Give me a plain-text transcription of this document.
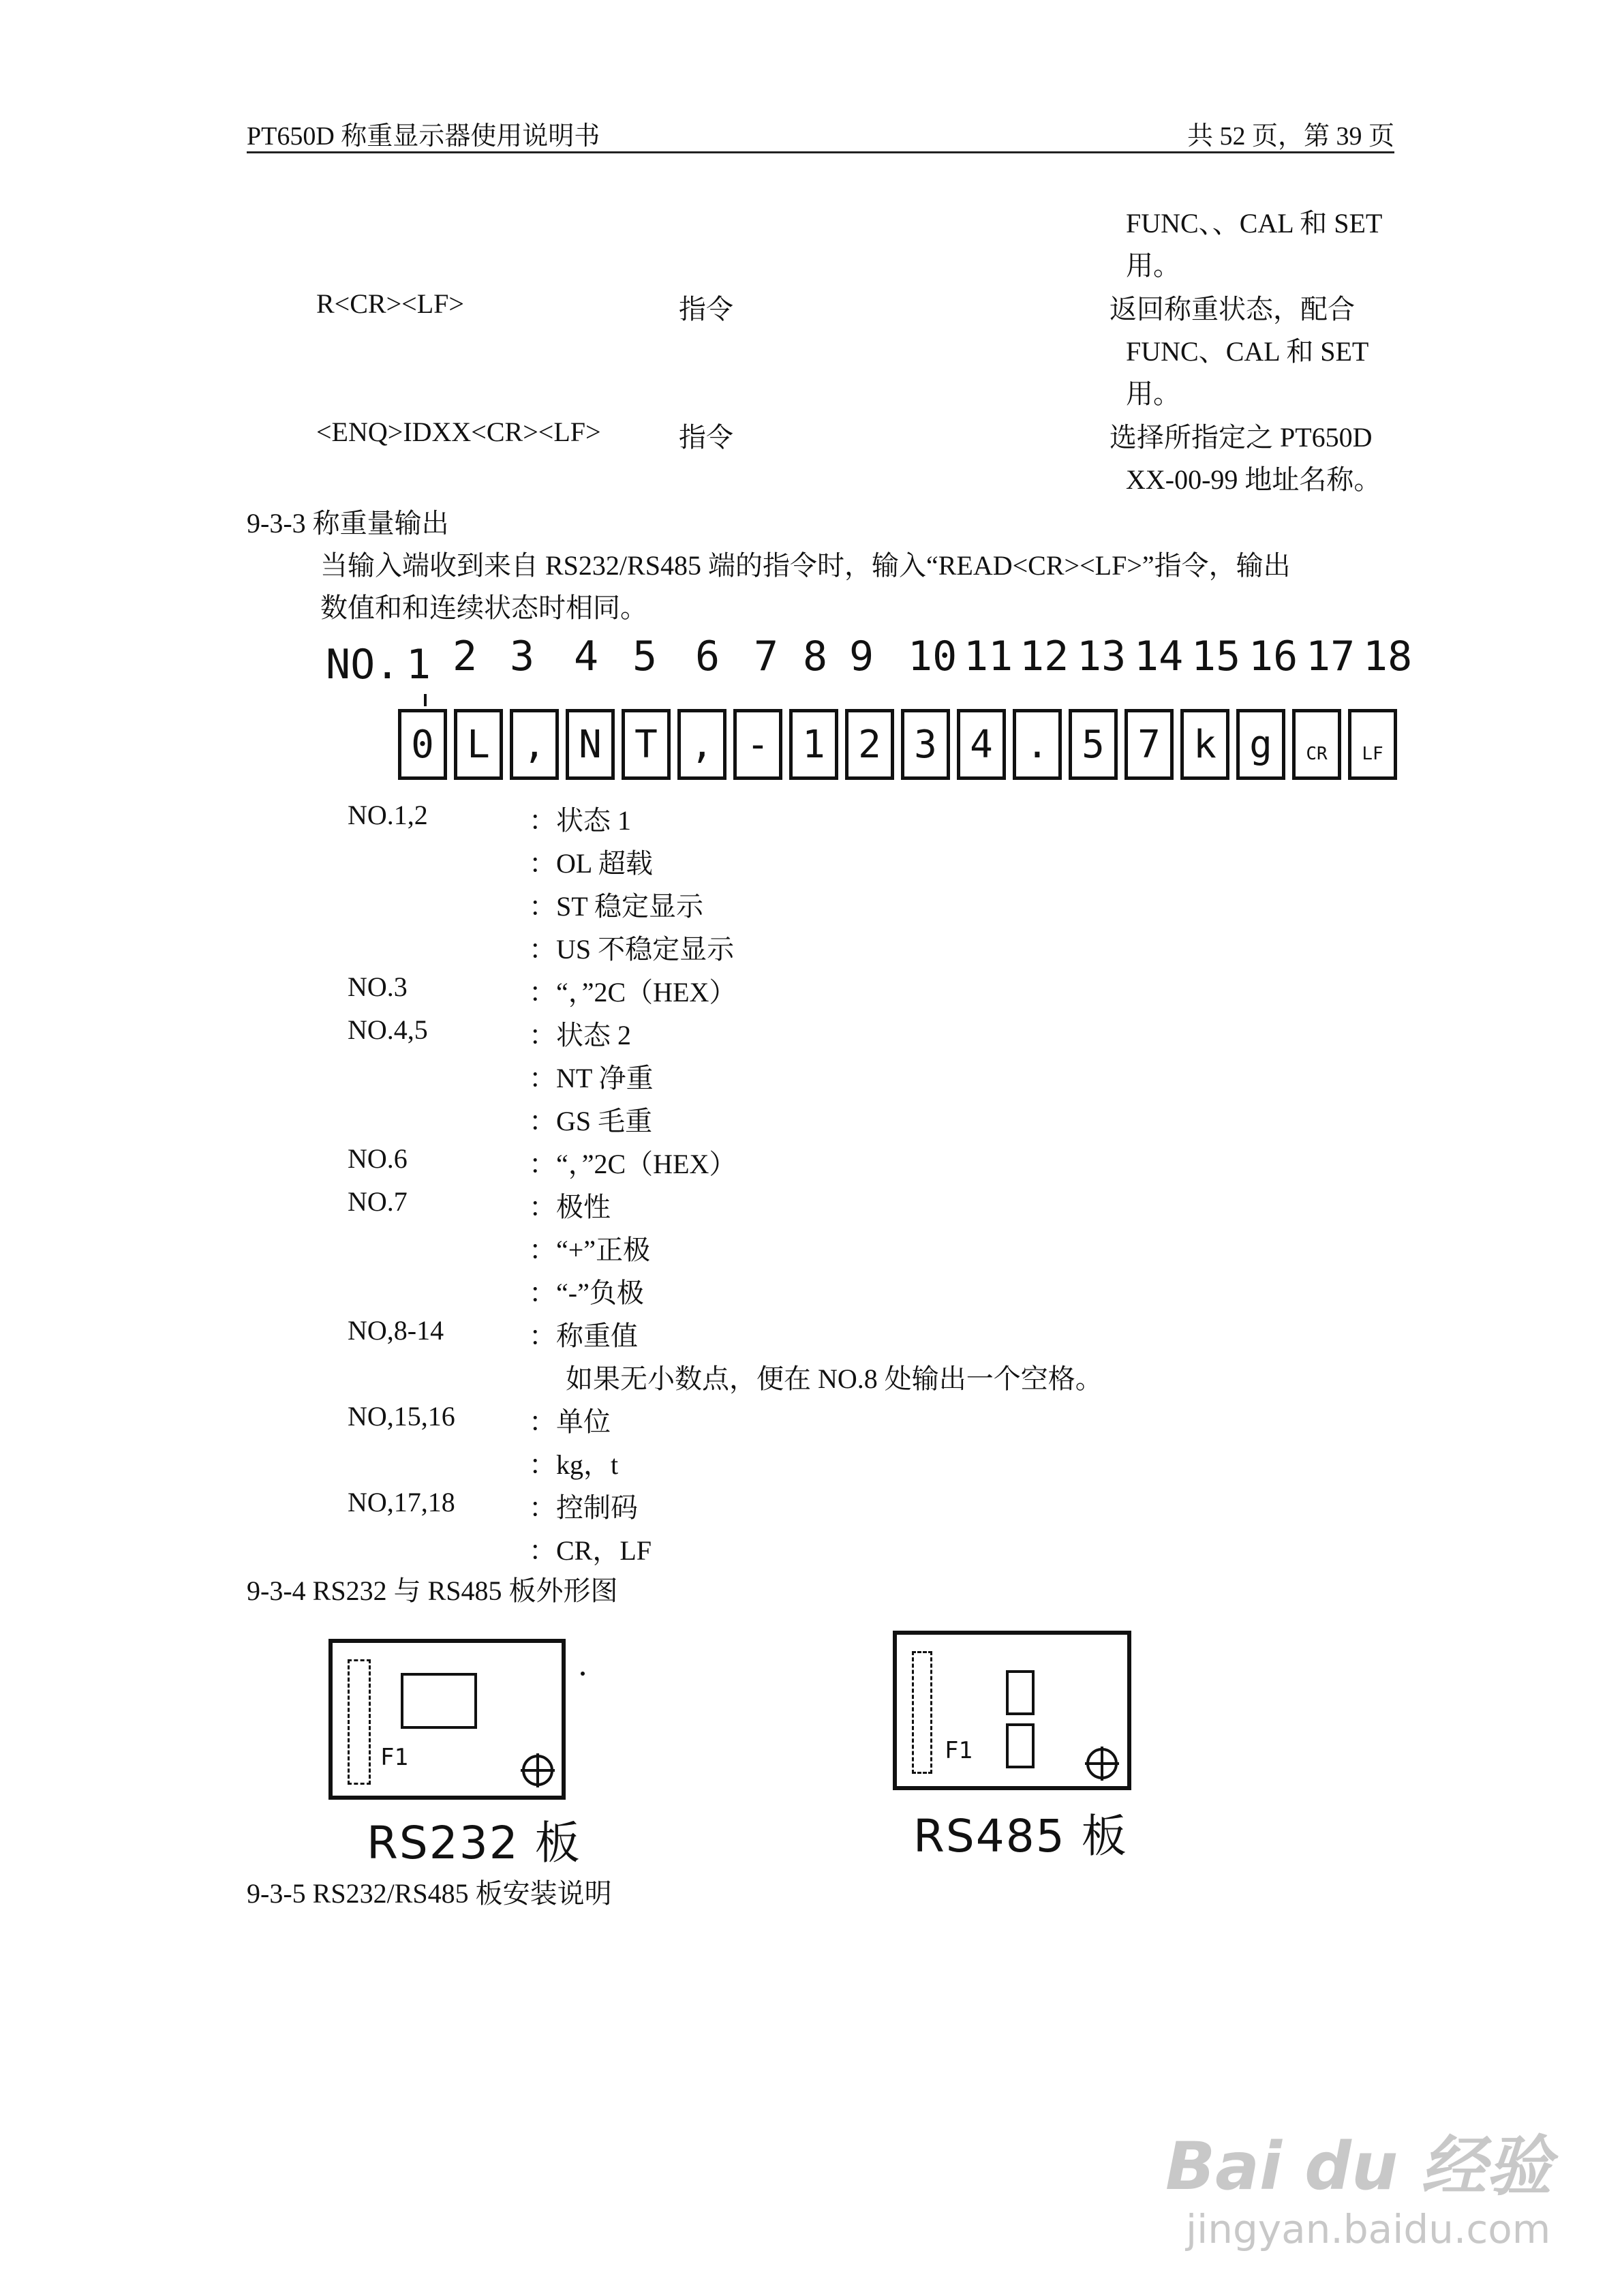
PT650D 称重显示器使用说明书	共 52 页，第 39 页
FUNC、、CAL 和 SET
用。
R<CR><LF>	指令	返回称重状态，配合
FUNC、CAL 和 SET
用。
<ENQ>IDXX<CR><LF>	指令	选择所指定之 PT650D
XX-00-99 地址名称。
9-3-3 称重量输出
当输入端收到来自 RS232/RS485 端的指令时，输入“READ<CR><LF>”指令，输出
数值和和连续状态时相同。
NO. 1 2 3 4 5 6 7 8 9 10 11 12 13 14 15 16 17 18
0 L , N T , - 1 2 3 4 . 5 7 k g	CR	LF
NO.1,2	：状态 1
：OL 超载
：ST 稳定显示
：US 不稳定显示
NO.3	：“，”2C（HEX）
NO.4,5	：状态 2
：NT 净重
：GS 毛重
NO.6	：“，”2C（HEX）
NO.7	：极性
：“+”正极
：“-”负极
NO,8-14	：称重值
如果无小数点，便在 NO.8 处输出一个空格。
NO,15,16	：单位
：kg，t
NO,17,18	：控制码
：CR，LF
9-3-4 RS232 与 RS485 板外形图
F1
RS232 板
F1
RS485 板
9-3-5 RS232/RS485 板安装说明
Bai du 经验
jingyan.baidu.com
